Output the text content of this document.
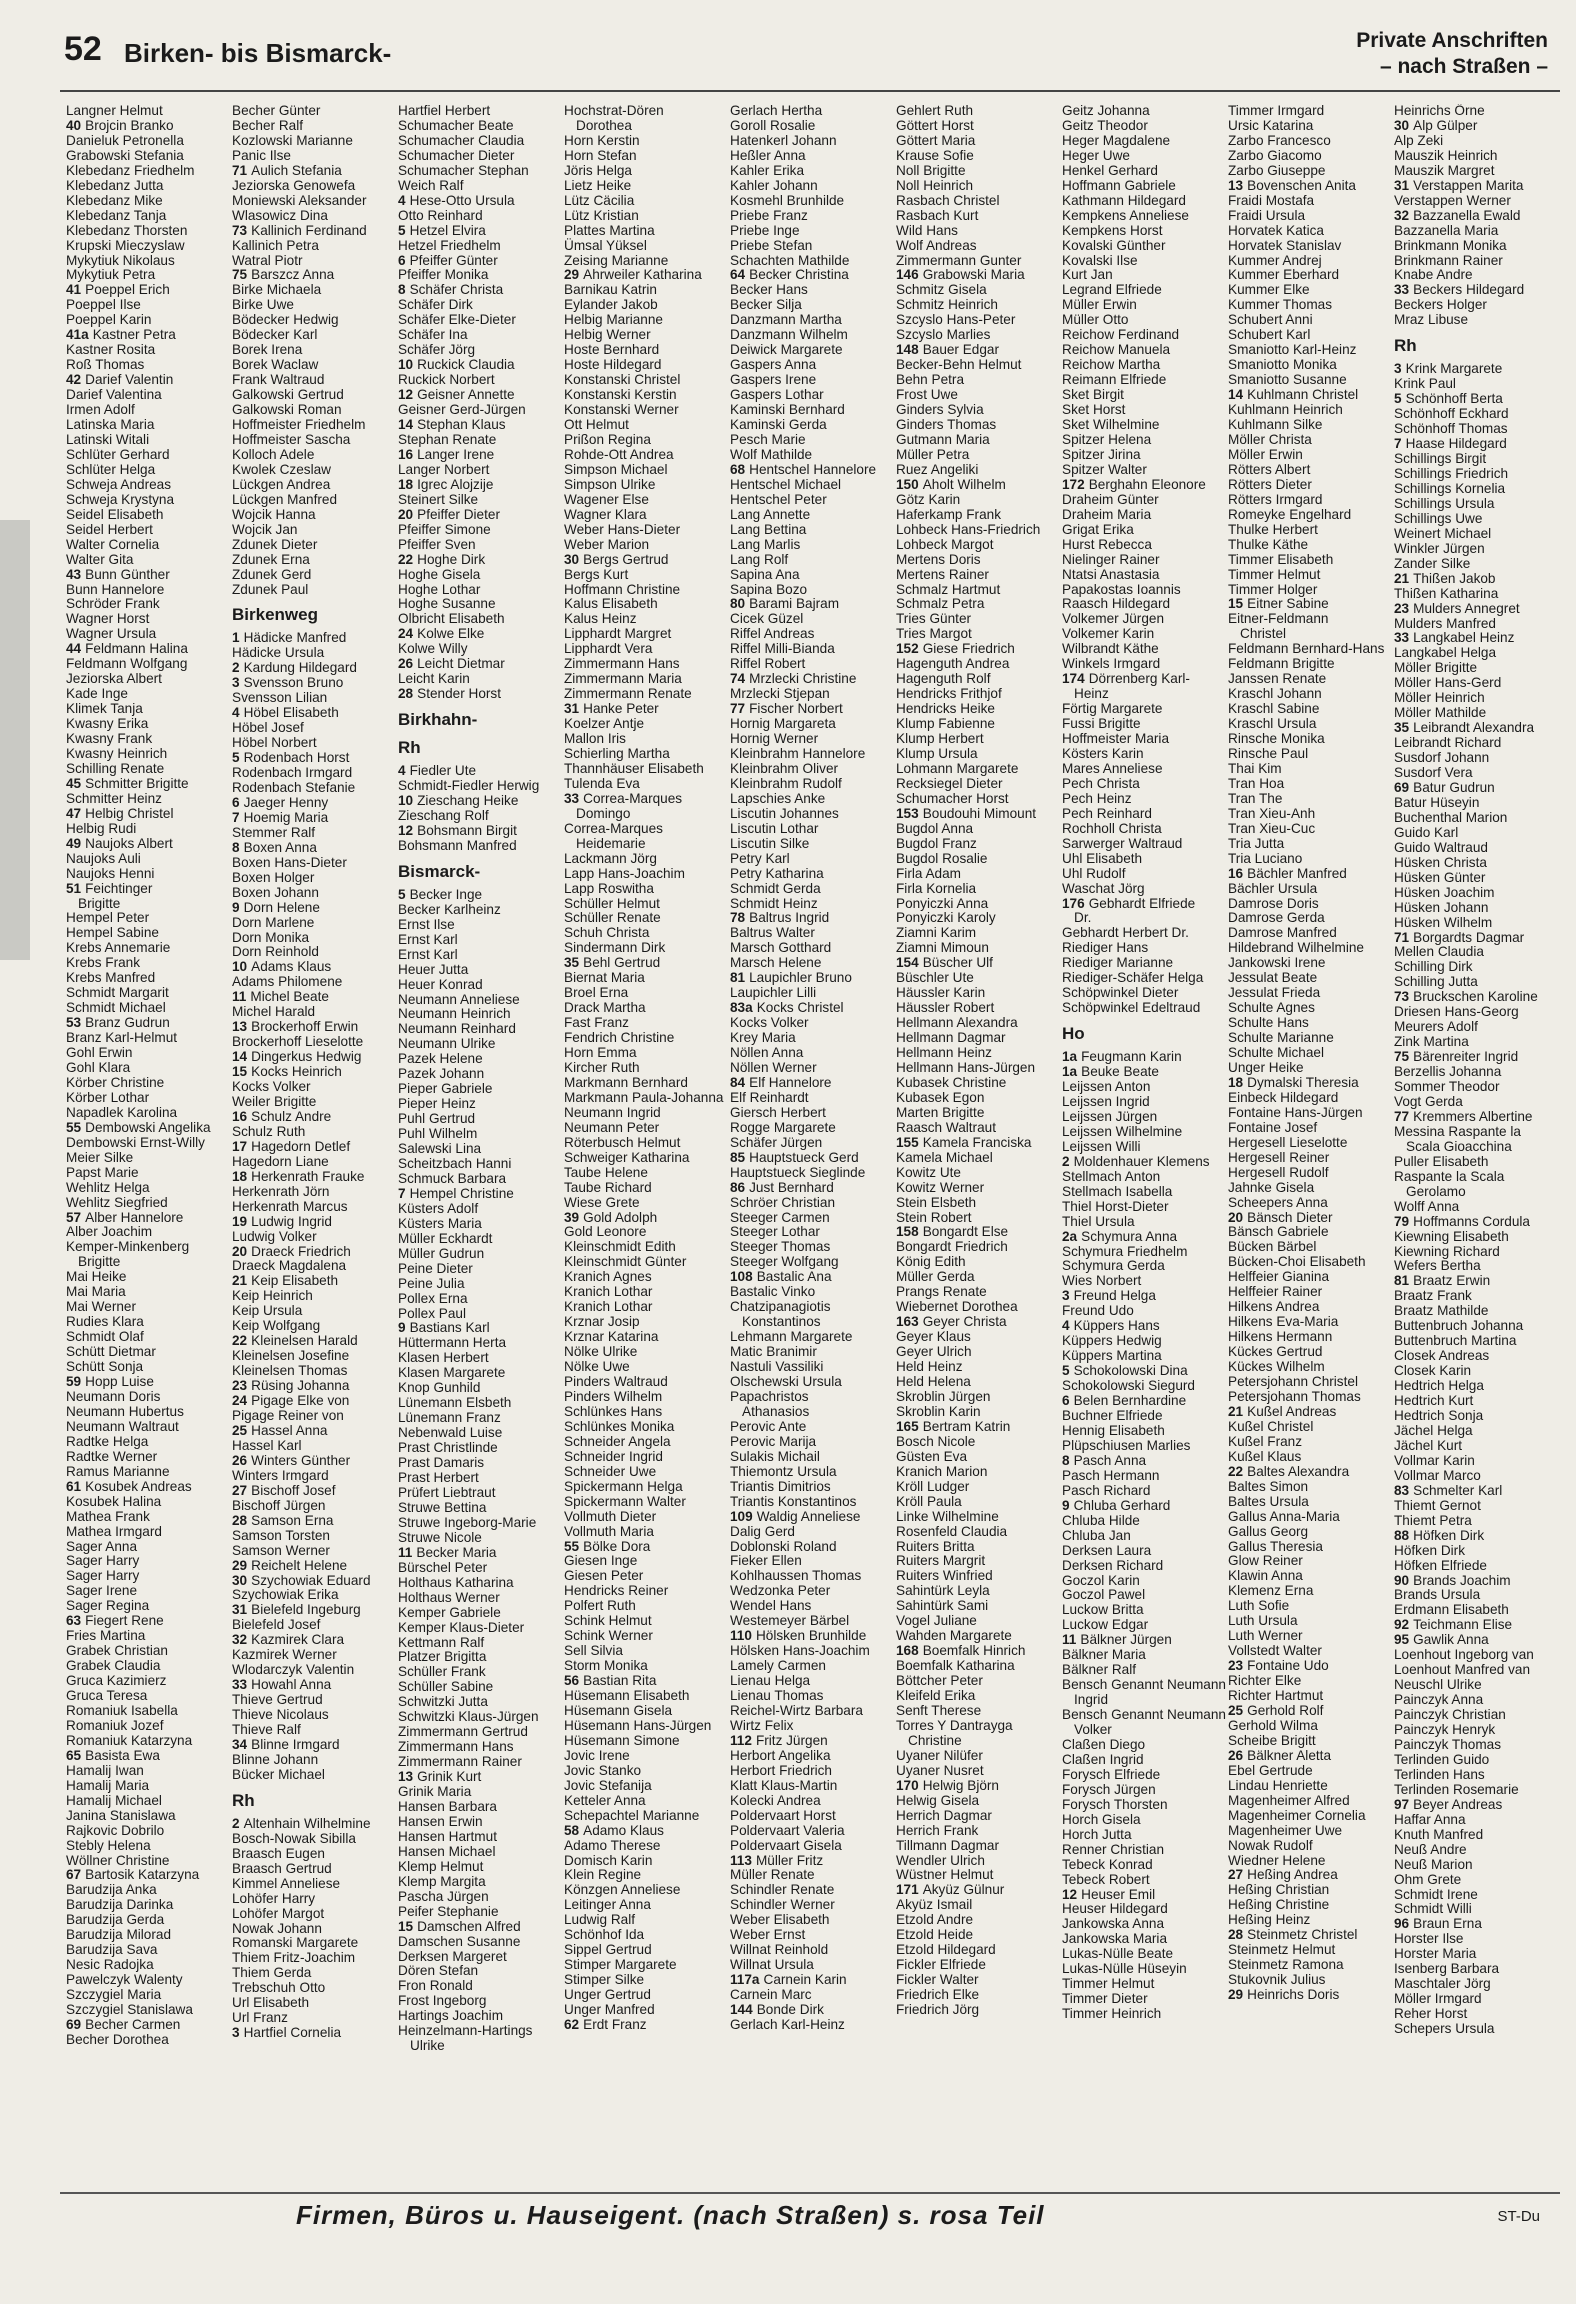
52 Birken- bis Bismarck-	Private Anschriften
– nach Straßen –
Langner Helmut
40 Brojcin Branko
Danieluk Petronella
Grabowski Stefania
Klebedanz Friedhelm
Klebedanz Jutta
Klebedanz Mike
Klebedanz Tanja
Klebedanz Thorsten
Krupski Mieczyslaw
Mykytiuk Nikolaus
Mykytiuk Petra
41 Poeppel Erich
Poeppel Ilse
Poeppel Karin
41a Kastner Petra
Kastner Rosita
Roß Thomas
42 Darief Valentin
Darief Valentina
Irmen Adolf
Latinska Maria
Latinski Witali
Schlüter Gerhard
Schlüter Helga
Schweja Andreas
Schweja Krystyna
Seidel Elisabeth
Seidel Herbert
Walter Cornelia
Walter Gita
43 Bunn Günther
Bunn Hannelore
Schröder Frank
Wagner Horst
Wagner Ursula
44 Feldmann Halina
Feldmann Wolfgang
Jeziorska Albert
Kade Inge
Klimek Tanja
Kwasny Erika
Kwasny Frank
Kwasny Heinrich
Schilling Renate
45 Schmitter Brigitte
Schmitter Heinz
47 Helbig Christel
Helbig Rudi
49 Naujoks Albert
Naujoks Auli
Naujoks Henni
51 Feichtinger
Brigitte
Hempel Peter
Hempel Sabine
Krebs Annemarie
Krebs Frank
Krebs Manfred
Schmidt Margarit
Schmidt Michael
53 Branz Gudrun
Branz Karl-Helmut
Gohl Erwin
Gohl Klara
Körber Christine
Körber Lothar
Napadlek Karolina
55 Dembowski Angelika
Dembowski Ernst-Willy
Meier Silke
Papst Marie
Wehlitz Helga
Wehlitz Siegfried
57 Alber Hannelore
Alber Joachim
Kemper-Minkenberg
Brigitte
Mai Heike
Mai Maria
Mai Werner
Rudies Klara
Schmidt Olaf
Schütt Dietmar
Schütt Sonja
59 Hopp Luise
Neumann Doris
Neumann Hubertus
Neumann Waltraut
Radtke Helga
Radtke Werner
Ramus Marianne
61 Kosubek Andreas
Kosubek Halina
Mathea Frank
Mathea Irmgard
Sager Anna
Sager Harry
Sager Harry
Sager Irene
Sager Regina
63 Fiegert Rene
Fries Martina
Grabek Christian
Grabek Claudia
Gruca Kazimierz
Gruca Teresa
Romaniuk Isabella
Romaniuk Jozef
Romaniuk Katarzyna
65 Basista Ewa
Hamalij Iwan
Hamalij Maria
Hamalij Michael
Janina Stanislawa
Rajkovic Dobrilo
Stebly Helena
Wöllner Christine
67 Bartosik Katarzyna
Barudzija Anka
Barudzija Darinka
Barudzija Gerda
Barudzija Milorad
Barudzija Sava
Nesic Radojka
Pawelczyk Walenty
Szczygiel Maria
Szczygiel Stanislawa
69 Becher Carmen
Becher Dorothea
Becher Günter
Becher Ralf
Kozlowski Marianne
Panic Ilse
71 Aulich Stefania
Jeziorska Genowefa
Moniewski Aleksander
Wlasowicz Dina
73 Kallinich Ferdinand
Kallinich Petra
Watral Piotr
75 Barszcz Anna
Birke Michaela
Birke Uwe
Bödecker Hedwig
Bödecker Karl
Borek Irena
Borek Waclaw
Frank Waltraud
Galkowski Gertrud
Galkowski Roman
Hoffmeister Friedhelm
Hoffmeister Sascha
Kolloch Adele
Kwolek Czeslaw
Lückgen Andrea
Lückgen Manfred
Wojcik Hanna
Wojcik Jan
Zdunek Dieter
Zdunek Erna
Zdunek Gerd
Zdunek Paul
Birkenweg
1 Hädicke Manfred
Hädicke Ursula
2 Kardung Hildegard
3 Svensson Bruno
Svensson Lilian
4 Höbel Elisabeth
Höbel Josef
Höbel Norbert
5 Rodenbach Horst
Rodenbach Irmgard
Rodenbach Stefanie
6 Jaeger Henny
7 Hoemig Maria
Stemmer Ralf
8 Boxen Anna
Boxen Hans-Dieter
Boxen Holger
Boxen Johann
9 Dorn Helene
Dorn Marlene
Dorn Monika
Dorn Reinhold
10 Adams Klaus
Adams Philomene
11 Michel Beate
Michel Harald
13 Brockerhoff Erwin
Brockerhoff Lieselotte
14 Dingerkus Hedwig
15 Kocks Heinrich
Kocks Volker
Weiler Brigitte
16 Schulz Andre
Schulz Ruth
17 Hagedorn Detlef
Hagedorn Liane
18 Herkenrath Frauke
Herkenrath Jörn
Herkenrath Marcus
19 Ludwig Ingrid
Ludwig Volker
20 Draeck Friedrich
Draeck Magdalena
21 Keip Elisabeth
Keip Heinrich
Keip Ursula
Keip Wolfgang
22 Kleinelsen Harald
Kleinelsen Josefine
Kleinelsen Thomas
23 Rüsing Johanna
24 Pigage Elke von
Pigage Reiner von
25 Hassel Anna
Hassel Karl
26 Winters Günther
Winters Irmgard
27 Bischoff Josef
Bischoff Jürgen
28 Samson Erna
Samson Torsten
Samson Werner
29 Reichelt Helene
30 Szychowiak Eduard
Szychowiak Erika
31 Bielefeld Ingeburg
Bielefeld Josef
32 Kazmirek Clara
Kazmirek Werner
Wlodarczyk Valentin
33 Howahl Anna
Thieve Gertrud
Thieve Nicolaus
Thieve Ralf
34 Blinne Irmgard
Blinne Johann
Bücker Michael
Rh
2 Altenhain Wilhelmine
Bosch-Nowak Sibilla
Braasch Eugen
Braasch Gertrud
Kimmel Anneliese
Lohöfer Harry
Lohöfer Margot
Nowak Johann
Romanski Margarete
Thiem Fritz-Joachim
Thiem Gerda
Trebschuh Otto
Url Elisabeth
Url Franz
3 Hartfiel Cornelia
Hartfiel Herbert
Schumacher Beate
Schumacher Claudia
Schumacher Dieter
Schumacher Stephan
Weich Ralf
4 Hese-Otto Ursula
Otto Reinhard
5 Hetzel Elvira
Hetzel Friedhelm
6 Pfeiffer Günter
Pfeiffer Monika
8 Schäfer Christa
Schäfer Dirk
Schäfer Elke-Dieter
Schäfer Ina
Schäfer Jörg
10 Ruckick Claudia
Ruckick Norbert
12 Geisner Annette
Geisner Gerd-Jürgen
14 Stephan Klaus
Stephan Renate
16 Langer Irene
Langer Norbert
18 Igrec Alojzije
Steinert Silke
20 Pfeiffer Dieter
Pfeiffer Simone
Pfeiffer Sven
22 Hoghe Dirk
Hoghe Gisela
Hoghe Lothar
Hoghe Susanne
Olbricht Elisabeth
24 Kolwe Elke
Kolwe Willy
26 Leicht Dietmar
Leicht Karin
28 Stender Horst
Birkhahn-
Rh
4 Fiedler Ute
Schmidt-Fiedler Herwig
10 Zieschang Heike
Zieschang Rolf
12 Bohsmann Birgit
Bohsmann Manfred
Bismarck-
5 Becker Inge
Becker Karlheinz
Ernst Ilse
Ernst Karl
Ernst Karl
Heuer Jutta
Heuer Konrad
Neumann Anneliese
Neumann Heinrich
Neumann Reinhard
Neumann Ulrike
Pazek Helene
Pazek Johann
Pieper Gabriele
Pieper Heinz
Puhl Gertrud
Puhl Wilhelm
Salewski Lina
Scheitzbach Hanni
Schmuck Barbara
7 Hempel Christine
Küsters Adolf
Küsters Maria
Müller Eckhardt
Müller Gudrun
Peine Dieter
Peine Julia
Pollex Erna
Pollex Paul
9 Bastians Karl
Hüttermann Herta
Klasen Herbert
Klasen Margarete
Knop Gunhild
Lünemann Elsbeth
Lünemann Franz
Nebenwald Luise
Prast Christlinde
Prast Damaris
Prast Herbert
Prüfert Liebtraut
Struwe Bettina
Struwe Ingeborg-Marie
Struwe Nicole
11 Becker Maria
Bürschel Peter
Holthaus Katharina
Holthaus Werner
Kemper Gabriele
Kemper Klaus-Dieter
Kettmann Ralf
Platzer Brigitta
Schüller Frank
Schüller Sabine
Schwitzki Jutta
Schwitzki Klaus-Jürgen
Zimmermann Gertrud
Zimmermann Hans
Zimmermann Rainer
13 Grinik Kurt
Grinik Maria
Hansen Barbara
Hansen Erwin
Hansen Hartmut
Hansen Michael
Klemp Helmut
Klemp Margita
Pascha Jürgen
Peifer Stephanie
15 Damschen Alfred
Damschen Susanne
Derksen Margeret
Dören Stefan
Fron Ronald
Frost Ingeborg
Hartings Joachim
Heinzelmann-Hartings
Ulrike
Hochstrat-Dören
Dorothea
Horn Kerstin
Horn Stefan
Jöris Helga
Lietz Heike
Lütz Cäcilia
Lütz Kristian
Plattes Martina
Ümsal Yüksel
Zeising Marianne
29 Ahrweiler Katharina
Barnikau Katrin
Eylander Jakob
Helbig Marianne
Helbig Werner
Hoste Bernhard
Hoste Hildegard
Konstanski Christel
Konstanski Kerstin
Konstanski Werner
Ott Helmut
Prißon Regina
Rohde-Ott Andrea
Simpson Michael
Simpson Ulrike
Wagener Else
Wagner Klara
Weber Hans-Dieter
Weber Marion
30 Bergs Gertrud
Bergs Kurt
Hoffmann Christine
Kalus Elisabeth
Kalus Heinz
Lipphardt Margret
Lipphardt Vera
Zimmermann Hans
Zimmermann Maria
Zimmermann Renate
31 Hanke Peter
Koelzer Antje
Mallon Iris
Schierling Martha
Thannhäuser Elisabeth
Tulenda Eva
33 Correa-Marques
Domingo
Correa-Marques
Heidemarie
Lackmann Jörg
Lapp Hans-Joachim
Lapp Roswitha
Schüller Helmut
Schüller Renate
Schuh Christa
Sindermann Dirk
35 Behl Gertrud
Biernat Maria
Broel Erna
Drack Martha
Fast Franz
Fendrich Christine
Horn Emma
Kircher Ruth
Markmann Bernhard
Markmann Paula-Johanna
Neumann Ingrid
Neumann Peter
Röterbusch Helmut
Schweiger Katharina
Taube Helene
Taube Richard
Wiese Grete
39 Gold Adolph
Gold Leonore
Kleinschmidt Edith
Kleinschmidt Günter
Kranich Agnes
Kranich Lothar
Kranich Lothar
Krznar Josip
Krznar Katarina
Nölke Ulrike
Nölke Uwe
Pinders Waltraud
Pinders Wilhelm
Schlünkes Hans
Schlünkes Monika
Schneider Angela
Schneider Ingrid
Schneider Uwe
Spickermann Helga
Spickermann Walter
Vollmuth Dieter
Vollmuth Maria
55 Bölke Dora
Giesen Inge
Giesen Peter
Hendricks Reiner
Polfert Ruth
Schink Helmut
Schink Werner
Sell Silvia
Storm Monika
56 Bastian Rita
Hüsemann Elisabeth
Hüsemann Gisela
Hüsemann Hans-Jürgen
Hüsemann Simone
Jovic Irene
Jovic Stanko
Jovic Stefanija
Ketteler Anna
Schepachtel Marianne
58 Adamo Klaus
Adamo Therese
Domisch Karin
Klein Regine
Könzgen Anneliese
Leitinger Anna
Ludwig Ralf
Schönhof Ida
Sippel Gertrud
Stimper Margarete
Stimper Silke
Unger Gertrud
Unger Manfred
62 Erdt Franz
Gerlach Hertha
Goroll Rosalie
Hatenkerl Johann
Heßler Anna
Kahler Erika
Kahler Johann
Kosmehl Brunhilde
Priebe Franz
Priebe Inge
Priebe Stefan
Schachten Mathilde
64 Becker Christina
Becker Hans
Becker Silja
Danzmann Martha
Danzmann Wilhelm
Deiwick Margarete
Gaspers Anna
Gaspers Irene
Gaspers Lothar
Kaminski Bernhard
Kaminski Gerda
Pesch Marie
Wolf Mathilde
68 Hentschel Hannelore
Hentschel Michael
Hentschel Peter
Lang Annette
Lang Bettina
Lang Marlis
Lang Rolf
Sapina Ana
Sapina Bozo
80 Barami Bajram
Cicek Güzel
Riffel Andreas
Riffel Milli-Bianda
Riffel Robert
74 Mrzlecki Christine
Mrzlecki Stjepan
77 Fischer Norbert
Hornig Margareta
Hornig Werner
Kleinbrahm Hannelore
Kleinbrahm Oliver
Kleinbrahm Rudolf
Lapschies Anke
Liscutin Johannes
Liscutin Lothar
Liscutin Silke
Petry Karl
Petry Katharina
Schmidt Gerda
Schmidt Heinz
78 Baltrus Ingrid
Baltrus Walter
Marsch Gotthard
Marsch Helene
81 Laupichler Bruno
Laupichler Lilli
83a Kocks Christel
Kocks Volker
Krey Maria
Nöllen Anna
Nöllen Werner
84 Elf Hannelore
Elf Reinhardt
Giersch Herbert
Rogge Margarete
Schäfer Jürgen
85 Hauptstueck Gerd
Hauptstueck Sieglinde
86 Just Bernhard
Schröer Christian
Steeger Carmen
Steeger Lothar
Steeger Thomas
Steeger Wolfgang
108 Bastalic Ana
Bastalic Vinko
Chatzipanagiotis
Konstantinos
Lehmann Margarete
Matic Branimir
Nastuli Vassiliki
Olschewski Ursula
Papachristos
Athanasios
Perovic Ante
Perovic Marija
Sulakis Michail
Thiemontz Ursula
Triantis Dimitrios
Triantis Konstantinos
109 Waldig Anneliese
Dalig Gerd
Doblonski Roland
Fieker Ellen
Kohlhaussen Thomas
Wedzonka Peter
Wendel Hans
Westemeyer Bärbel
110 Hölsken Brunhilde
Hölsken Hans-Joachim
Lamely Carmen
Lienau Helga
Lienau Thomas
Reichel-Wirtz Barbara
Wirtz Felix
112 Fritz Jürgen
Herbort Angelika
Herbort Friedrich
Klatt Klaus-Martin
Kolecki Andrea
Poldervaart Horst
Poldervaart Valeria
Poldervaart Gisela
113 Müller Fritz
Müller Renate
Schindler Renate
Schindler Werner
Weber Elisabeth
Weber Ernst
Willnat Reinhold
Willnat Ursula
117a Carnein Karin
Carnein Marc
144 Bonde Dirk
Gerlach Karl-Heinz
Gehlert Ruth
Göttert Horst
Göttert Maria
Krause Sofie
Noll Brigitte
Noll Heinrich
Rasbach Christel
Rasbach Kurt
Wild Hans
Wolf Andreas
Zimmermann Gunter
146 Grabowski Maria
Schmitz Gisela
Schmitz Heinrich
Szcyslo Hans-Peter
Szcyslo Marlies
148 Bauer Edgar
Becker-Behn Helmut
Behn Petra
Frost Uwe
Ginders Sylvia
Ginders Thomas
Gutmann Maria
Müller Petra
Ruez Angeliki
150 Aholt Wilhelm
Götz Karin
Haferkamp Frank
Lohbeck Hans-Friedrich
Lohbeck Margot
Mertens Doris
Mertens Rainer
Schmalz Hartmut
Schmalz Petra
Tries Günter
Tries Margot
152 Giese Friedrich
Hagenguth Andrea
Hagenguth Rolf
Hendricks Frithjof
Hendricks Heike
Klump Fabienne
Klump Herbert
Klump Ursula
Lohmann Margarete
Recksiegel Dieter
Schumacher Horst
153 Boudouhi Mimount
Bugdol Anna
Bugdol Franz
Bugdol Rosalie
Firla Adam
Firla Kornelia
Ponyiczki Anna
Ponyiczki Karoly
Ziamni Karim
Ziamni Mimoun
154 Büscher Ulf
Büschler Ute
Häussler Karin
Häussler Robert
Hellmann Alexandra
Hellmann Dagmar
Hellmann Heinz
Hellmann Hans-Jürgen
Kubasek Christine
Kubasek Egon
Marten Brigitte
Raasch Waltraut
155 Kamela Franciska
Kamela Michael
Kowitz Ute
Kowitz Werner
Stein Elsbeth
Stein Robert
158 Bongardt Else
Bongardt Friedrich
König Edith
Müller Gerda
Prangs Renate
Wiebernet Dorothea
163 Geyer Christa
Geyer Klaus
Geyer Ulrich
Held Heinz
Held Helena
Skroblin Jürgen
Skroblin Karin
165 Bertram Katrin
Bosch Nicole
Güsten Eva
Kranich Marion
Kröll Ludger
Kröll Paula
Linke Wilhelmine
Rosenfeld Claudia
Ruiters Britta
Ruiters Margrit
Ruiters Winfried
Sahintürk Leyla
Sahintürk Sami
Vogel Juliane
Wahden Margarete
168 Boemfalk Hinrich
Boemfalk Katharina
Böttcher Peter
Kleifeld Erika
Senft Therese
Torres Y Dantrayga
Christine
Uyaner Nilüfer
Uyaner Nusret
170 Helwig Björn
Helwig Gisela
Herrich Dagmar
Herrich Frank
Tillmann Dagmar
Wendler Ulrich
Wüstner Helmut
171 Akyüz Gülnur
Akyüz Ismail
Etzold Andre
Etzold Heide
Etzold Hildegard
Fickler Elfriede
Fickler Walter
Friedrich Elke
Friedrich Jörg
Geitz Johanna
Geitz Theodor
Heger Magdalene
Heger Uwe
Henkel Gerhard
Hoffmann Gabriele
Kathmann Hildegard
Kempkens Anneliese
Kempkens Horst
Kovalski Günther
Kovalski Ilse
Kurt Jan
Legrand Elfriede
Müller Erwin
Müller Otto
Reichow Ferdinand
Reichow Manuela
Reichow Martha
Reimann Elfriede
Sket Birgit
Sket Horst
Sket Wilhelmine
Spitzer Helena
Spitzer Jirina
Spitzer Walter
172 Berghahn Eleonore
Draheim Günter
Draheim Maria
Grigat Erika
Hurst Rebecca
Nielinger Rainer
Ntatsi Anastasia
Papakostas Ioannis
Raasch Hildegard
Volkemer Jürgen
Volkemer Karin
Wilbrandt Käthe
Winkels Irmgard
174 Dörrenberg Karl-
Heinz
Förtig Margarete
Fussi Brigitte
Hoffmeister Maria
Kösters Karin
Mares Anneliese
Pech Christa
Pech Heinz
Pech Reinhard
Rochholl Christa
Sarwerger Waltraud
Uhl Elisabeth
Uhl Rudolf
Waschat Jörg
176 Gebhardt Elfriede
Dr.
Gebhardt Herbert Dr.
Riediger Hans
Riediger Marianne
Riediger-Schäfer Helga
Schöpwinkel Dieter
Schöpwinkel Edeltraud
Ho
1a Feugmann Karin
1a Beuke Beate
Leijssen Anton
Leijssen Ingrid
Leijssen Jürgen
Leijssen Wilhelmine
Leijssen Willi
2 Moldenhauer Klemens
Stellmach Anton
Stellmach Isabella
Thiel Horst-Dieter
Thiel Ursula
2a Schymura Anna
Schymura Friedhelm
Schymura Gerda
Wies Norbert
3 Freund Helga
Freund Udo
4 Küppers Hans
Küppers Hedwig
Küppers Martina
5 Schokolowski Dina
Schokolowski Siegurd
6 Belen Bernhardine
Buchner Elfriede
Hennig Elisabeth
Plüpschiusen Marlies
8 Pasch Anna
Pasch Hermann
Pasch Richard
9 Chluba Gerhard
Chluba Hilde
Chluba Jan
Derksen Laura
Derksen Richard
Goczol Karin
Goczol Pawel
Luckow Britta
Luckow Edgar
11 Bälkner Jürgen
Bälkner Maria
Bälkner Ralf
Bensch Genannt Neumann
Ingrid
Bensch Genannt Neumann
Volker
Claßen Diego
Claßen Ingrid
Forysch Elfriede
Forysch Jürgen
Forysch Thorsten
Horch Gisela
Horch Jutta
Renner Christian
Tebeck Konrad
Tebeck Robert
12 Heuser Emil
Heuser Hildegard
Jankowska Anna
Jankowska Maria
Lukas-Nülle Beate
Lukas-Nülle Hüseyin
Timmer Helmut
Timmer Dieter
Timmer Heinrich
Timmer Irmgard
Ursic Katarina
Zarbo Francesco
Zarbo Giacomo
Zarbo Giuseppe
13 Bovenschen Anita
Fraidi Mostafa
Fraidi Ursula
Horvatek Katica
Horvatek Stanislav
Kummer Andrej
Kummer Eberhard
Kummer Elke
Kummer Thomas
Schubert Anni
Schubert Karl
Smaniotto Karl-Heinz
Smaniotto Monika
Smaniotto Susanne
14 Kuhlmann Christel
Kuhlmann Heinrich
Kuhlmann Silke
Möller Christa
Möller Erwin
Rötters Albert
Rötters Dieter
Rötters Irmgard
Romeyke Engelhard
Thulke Herbert
Thulke Käthe
Timmer Elisabeth
Timmer Helmut
Timmer Holger
15 Eitner Sabine
Eitner-Feldmann
Christel
Feldmann Bernhard-Hans
Feldmann Brigitte
Janssen Renate
Kraschl Johann
Kraschl Sabine
Kraschl Ursula
Rinsche Monika
Rinsche Paul
Thai Kim
Tran Hoa
Tran The
Tran Xieu-Anh
Tran Xieu-Cuc
Tria Jutta
Tria Luciano
16 Bächler Manfred
Bächler Ursula
Damrose Doris
Damrose Gerda
Damrose Manfred
Hildebrand Wilhelmine
Jankowski Irene
Jessulat Beate
Jessulat Frieda
Schulte Agnes
Schulte Hans
Schulte Marianne
Schulte Michael
Unger Heike
18 Dymalski Theresia
Einbeck Hildegard
Fontaine Hans-Jürgen
Fontaine Josef
Hergesell Lieselotte
Hergesell Reiner
Hergesell Rudolf
Jahnke Gisela
Scheepers Anna
20 Bänsch Dieter
Bänsch Gabriele
Bücken Bärbel
Bücken-Choi Elisabeth
Helffeier Gianina
Helffeier Rainer
Hilkens Andrea
Hilkens Eva-Maria
Hilkens Hermann
Kückes Gertrud
Kückes Wilhelm
Petersjohann Christel
Petersjohann Thomas
21 Kußel Andreas
Kußel Christel
Kußel Franz
Kußel Klaus
22 Baltes Alexandra
Baltes Simon
Baltes Ursula
Gallus Anna-Maria
Gallus Georg
Gallus Theresia
Glow Reiner
Klawin Anna
Klemenz Erna
Luth Sofie
Luth Ursula
Luth Werner
Vollstedt Walter
23 Fontaine Udo
Richter Elke
Richter Hartmut
25 Gerhold Rolf
Gerhold Wilma
Scheibe Brigitt
26 Bälkner Aletta
Ebel Gertrude
Lindau Henriette
Magenheimer Alfred
Magenheimer Cornelia
Magenheimer Uwe
Nowak Rudolf
Wiedner Helene
27 Heßing Andrea
Heßing Christian
Heßing Christine
Heßing Heinz
28 Steinmetz Christel
Steinmetz Helmut
Steinmetz Ramona
Stukovnik Julius
29 Heinrichs Doris
Heinrichs Örne
30 Alp Gülper
Alp Zeki
Mauszik Heinrich
Mauszik Margret
31 Verstappen Marita
Verstappen Werner
32 Bazzanella Ewald
Bazzanella Maria
Brinkmann Monika
Brinkmann Rainer
Knabe Andre
33 Beckers Hildegard
Beckers Holger
Mraz Libuse
Rh
3 Krink Margarete
Krink Paul
5 Schönhoff Berta
Schönhoff Eckhard
Schönhoff Thomas
7 Haase Hildegard
Schillings Birgit
Schillings Friedrich
Schillings Kornelia
Schillings Ursula
Schillings Uwe
Weinert Michael
Winkler Jürgen
Zander Silke
21 Thißen Jakob
Thißen Katharina
23 Mulders Annegret
Mulders Manfred
33 Langkabel Heinz
Langkabel Helga
Möller Brigitte
Möller Hans-Gerd
Möller Heinrich
Möller Mathilde
35 Leibrandt Alexandra
Leibrandt Richard
Susdorf Johann
Susdorf Vera
69 Batur Gudrun
Batur Hüseyin
Buchenthal Marion
Guido Karl
Guido Waltraud
Hüsken Christa
Hüsken Günter
Hüsken Joachim
Hüsken Johann
Hüsken Wilhelm
71 Borgardts Dagmar
Mellen Claudia
Schilling Dirk
Schilling Jutta
73 Bruckschen Karoline
Driesen Hans-Georg
Meurers Adolf
Zink Martina
75 Bärenreiter Ingrid
Berzellis Johanna
Sommer Theodor
Vogt Gerda
77 Kremmers Albertine
Messina Raspante la
Scala Gioacchina
Puller Elisabeth
Raspante la Scala
Gerolamo
Wolff Anna
79 Hoffmanns Cordula
Kiewning Elisabeth
Kiewning Richard
Wefers Bertha
81 Braatz Erwin
Braatz Frank
Braatz Mathilde
Buttenbruch Johanna
Buttenbruch Martina
Closek Andreas
Closek Karin
Hedtrich Helga
Hedtrich Kurt
Hedtrich Sonja
Jächel Helga
Jächel Kurt
Vollmar Karin
Vollmar Marco
83 Schmelter Karl
Thiemt Gernot
Thiemt Petra
88 Höfken Dirk
Höfken Dirk
Höfken Elfriede
90 Brands Joachim
Brands Ursula
Erdmann Elisabeth
92 Teichmann Elise
95 Gawlik Anna
Loenhout Ingeborg van
Loenhout Manfred van
Neuschl Ulrike
Painczyk Anna
Painczyk Christian
Painczyk Henryk
Painczyk Thomas
Terlinden Guido
Terlinden Hans
Terlinden Rosemarie
97 Beyer Andreas
Haffar Anna
Knuth Manfred
Neuß Andre
Neuß Marion
Ohm Grete
Schmidt Irene
Schmidt Willi
96 Braun Erna
Horster Ilse
Horster Maria
Isenberg Barbara
Maschtaler Jörg
Möller Irmgard
Reher Horst
Schepers Ursula
Firmen, Büros u. Hauseigent. (nach Straßen) s. rosa Teil	ST-Du
